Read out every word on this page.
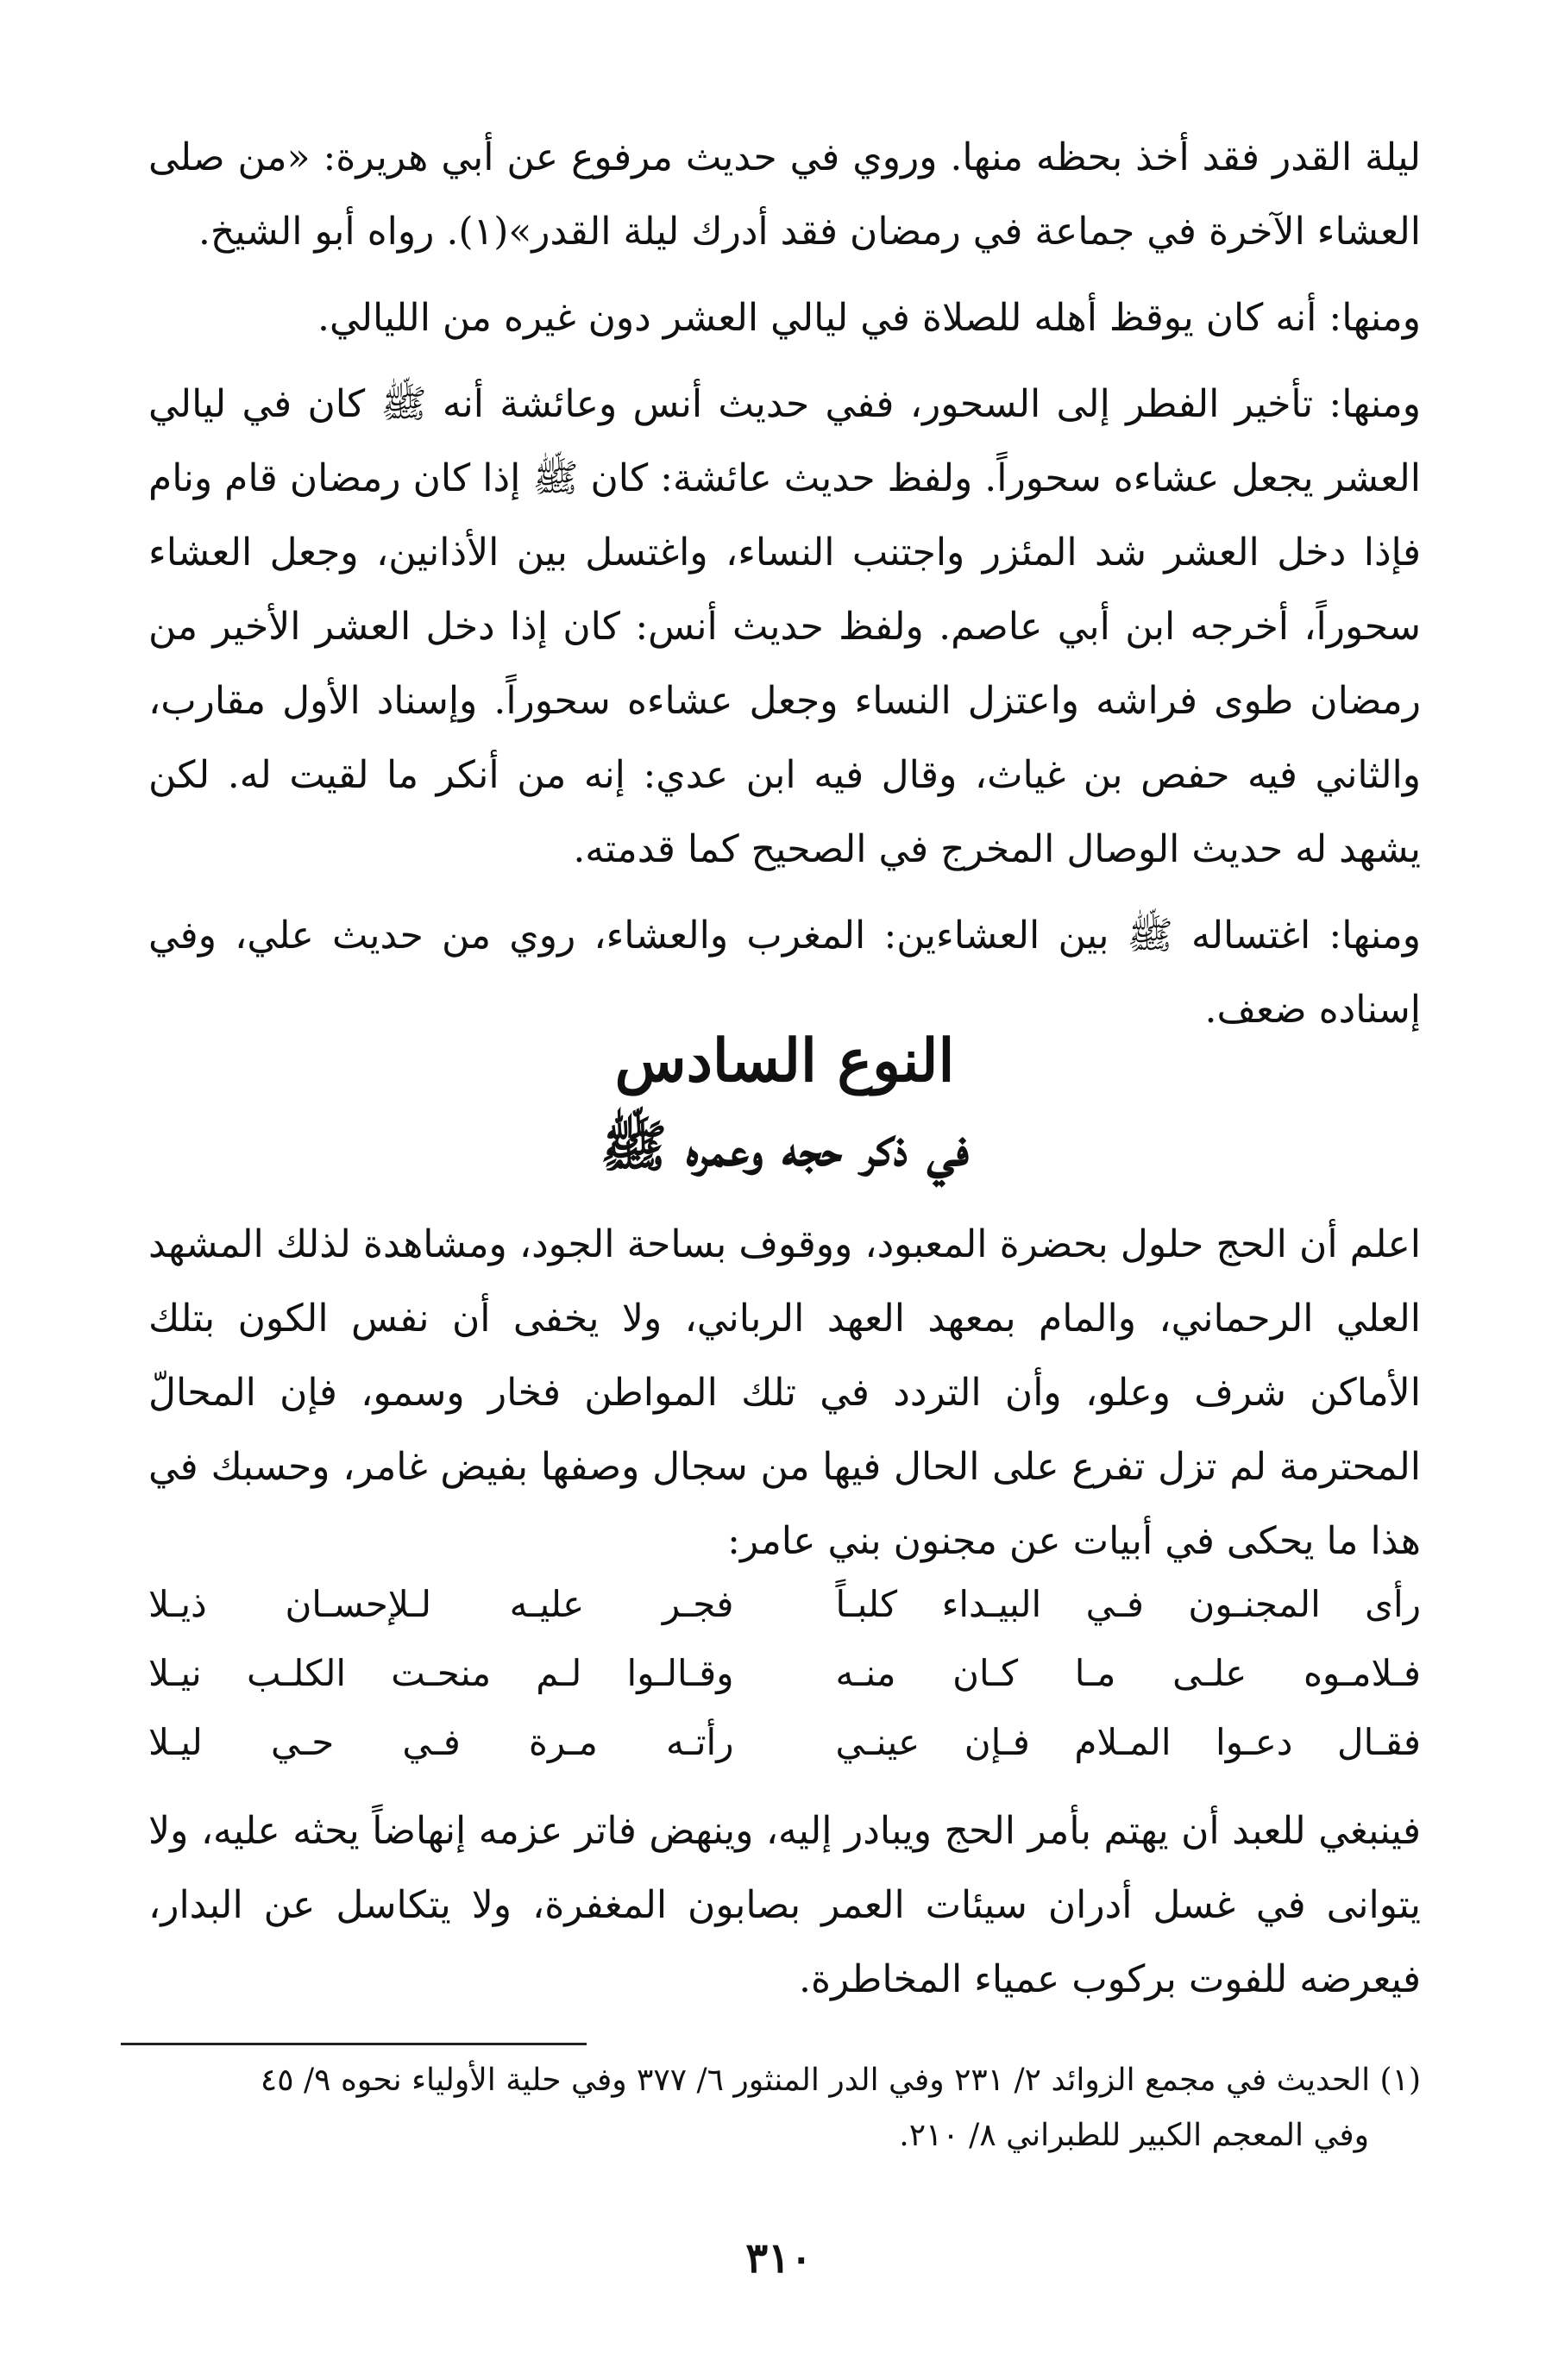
ليلة القدر فقد أخذ بحظه منها. وروي في حديث مرفوع عن أبي هريرة: «من صلى العشاء الآخرة في جماعة في رمضان فقد أدرك ليلة القدر»(١). رواه أبو الشيخ.

ومنها: أنه كان يوقظ أهله للصلاة في ليالي العشر دون غيره من الليالي.

ومنها: تأخير الفطر إلى السحور، ففي حديث أنس وعائشة أنه ﷺ كان في ليالي العشر يجعل عشاءه سحوراً. ولفظ حديث عائشة: كان ﷺ إذا كان رمضان قام ونام فإذا دخل العشر شد المئزر واجتنب النساء، واغتسل بين الأذانين، وجعل العشاء سحوراً، أخرجه ابن أبي عاصم. ولفظ حديث أنس: كان إذا دخل العشر الأخير من رمضان طوى فراشه واعتزل النساء وجعل عشاءه سحوراً. وإسناد الأول مقارب، والثاني فيه حفص بن غياث، وقال فيه ابن عدي: إنه من أنكر ما لقيت له. لكن يشهد له حديث الوصال المخرج في الصحيح كما قدمته.

ومنها: اغتساله ﷺ بين العشاءين: المغرب والعشاء، روي من حديث علي، وفي إسناده ضعف.

النوع السادس

في ذكر حجه وعمره ﷺ

اعلم أن الحج حلول بحضرة المعبود، ووقوف بساحة الجود، ومشاهدة لذلك المشهد العلي الرحماني، والمام بمعهد العهد الرباني، ولا يخفى أن نفس الكون بتلك الأماكن شرف وعلو، وأن التردد في تلك المواطن فخار وسمو، فإن المحالّ المحترمة لم تزل تفرع على الحال فيها من سجال وصفها بفيض غامر، وحسبك في هذا ما يحكى في أبيات عن مجنون بني عامر:

رأى المجنـون فـي البيـداء كلبـاً
فجـر عليـه لـلإحسـان ذيـلا
فـلامـوه علـى مـا كـان منـه
وقـالـوا لـم منحـت الكلـب نيـلا
فقـال دعـوا المـلام فـإن عينـي
رأتـه مـرة فـي حـي ليـلا

فينبغي للعبد أن يهتم بأمر الحج ويبادر إليه، وينهض فاتر عزمه إنهاضاً يحثه عليه، ولا يتوانى في غسل أدران سيئات العمر بصابون المغفرة، ولا يتكاسل عن البدار، فيعرضه للفوت بركوب عمياء المخاطرة.

(١) الحديث في مجمع الزوائد ٢/ ٢٣١ وفي الدر المنثور ٦/ ٣٧٧ وفي حلية الأولياء نحوه ٩/ ٤٥

وفي المعجم الكبير للطبراني ٨/ ٢١٠.

٣١٠
